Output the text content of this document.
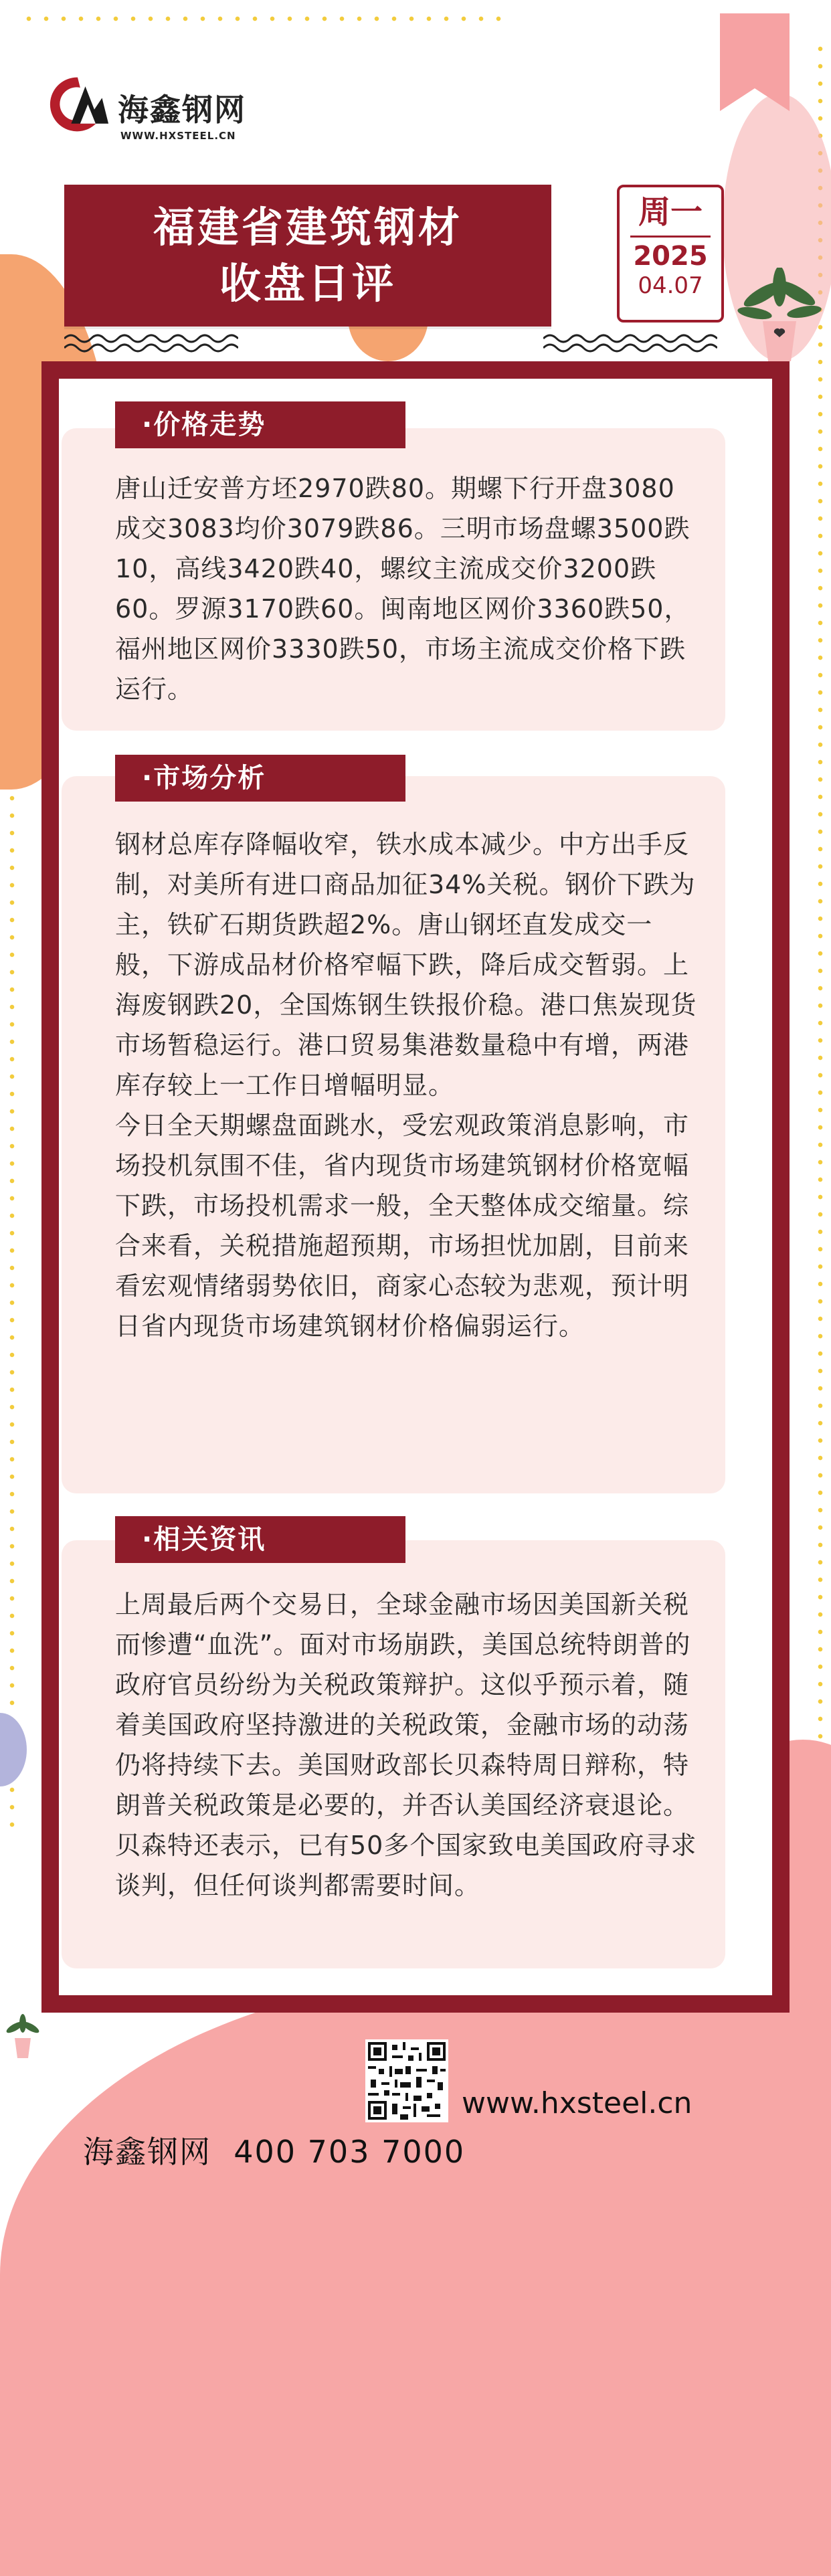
海鑫钢网
WWW.HXSTEEL.CN
福建省建筑钢材
收盘日评
周一
2025
04.07

唐山迁安普方坯2970跌80。期螺下行开盘3080成交3083均价3079跌86。三明市场盘螺3500跌10，高线3420跌40，螺纹主流成交价3200跌60。罗源3170跌60。闽南地区网价3360跌50，福州地区网价3330跌50，市场主流成交价格下跌运行。

·价格走势

钢材总库存降幅收窄，铁水成本减少。中方出手反制，对美所有进口商品加征34%关税。钢价下跌为主，铁矿石期货跌超2%。唐山钢坯直发成交一般，下游成品材价格窄幅下跌，降后成交暂弱。上海废钢跌20，全国炼钢生铁报价稳。港口焦炭现货市场暂稳运行。港口贸易集港数量稳中有增，两港库存较上一工作日增幅明显。

今日全天期螺盘面跳水，受宏观政策消息影响，市场投机氛围不佳，省内现货市场建筑钢材价格宽幅下跌，市场投机需求一般，全天整体成交缩量。综合来看，关税措施超预期，市场担忧加剧，目前来看宏观情绪弱势依旧，商家心态较为悲观，预计明日省内现货市场建筑钢材价格偏弱运行。

·市场分析

上周最后两个交易日，全球金融市场因美国新关税而惨遭“血洗”。面对市场崩跌，美国总统特朗普的政府官员纷纷为关税政策辩护。这似乎预示着，随着美国政府坚持激进的关税政策，金融市场的动荡仍将持续下去。美国财政部长贝森特周日辩称，特朗普关税政策是必要的，并否认美国经济衰退论。贝森特还表示，已有50多个国家致电美国政府寻求谈判，但任何谈判都需要时间。

·相关资讯
www.hxsteel.cn
海鑫钢网  400 703 7000
